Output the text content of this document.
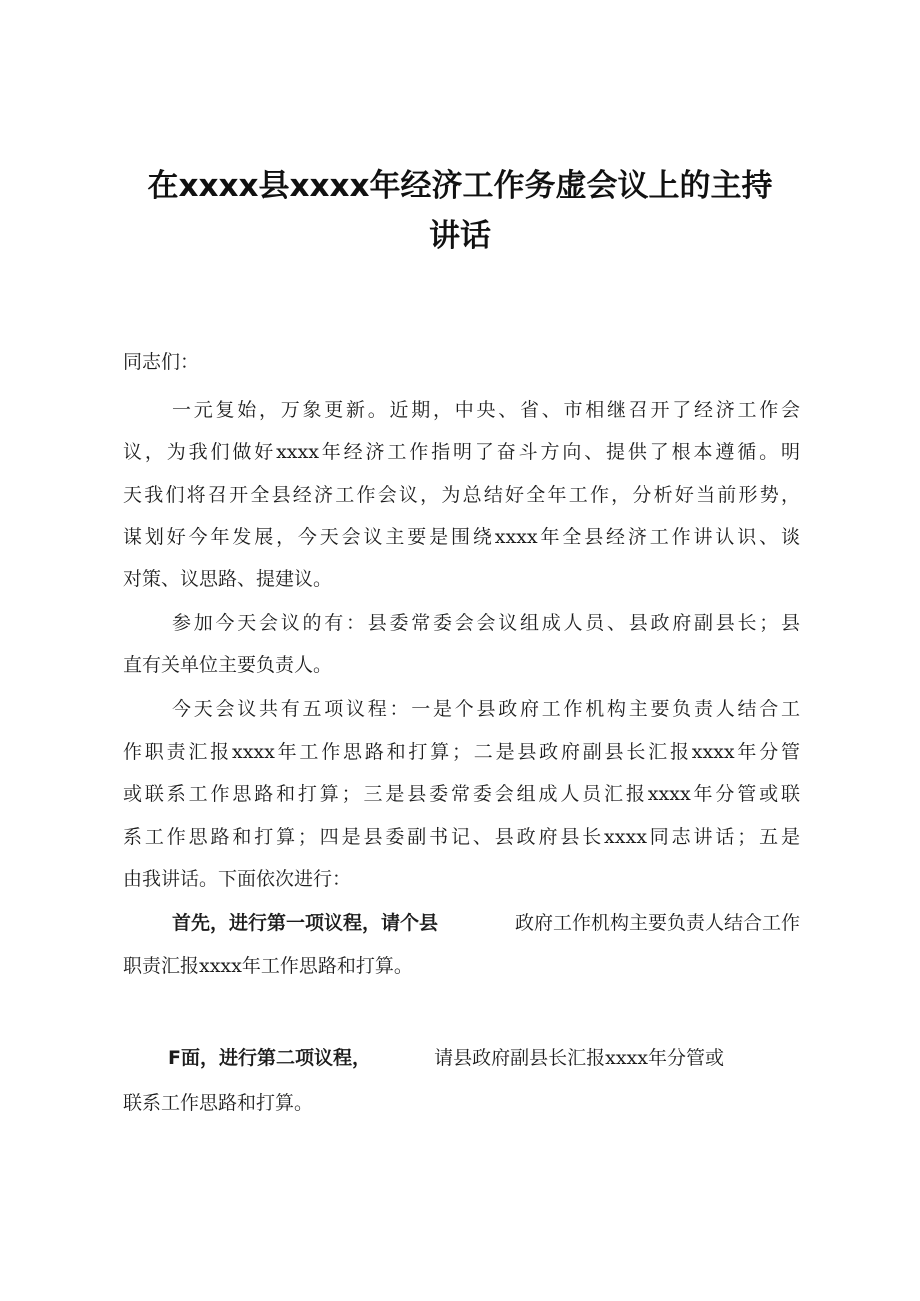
在xxxx县xxxx年经济工作务虚会议上的主持
讲话

同志们：

一元复始，万象更新。近期，中央、省、市相继召开了经济工作会

议，为我们做好xxxx年经济工作指明了奋斗方向、提供了根本遵循。明

天我们将召开全县经济工作会议，为总结好全年工作，分析好当前形势，

谋划好今年发展，今天会议主要是围绕xxxx年全县经济工作讲认识、谈

对策、议思路、提建议。

参加今天会议的有：县委常委会会议组成人员、县政府副县长；县

直有关单位主要负责人。

今天会议共有五项议程：一是个县政府工作机构主要负责人结合工

作职责汇报xxxx年工作思路和打算；二是县政府副县长汇报xxxx年分管

或联系工作思路和打算；三是县委常委会组成人员汇报xxxx年分管或联

系工作思路和打算；四是县委副书记、县政府县长xxxx同志讲话；五是

由我讲话。下面依次进行：

首先，进行第一项议程，请个县	政府工作机构主要负责人结合工作

职责汇报xxxx年工作思路和打算。

F面，进行第二项议程，	请县政府副县长汇报xxxx年分管或

联系工作思路和打算。
